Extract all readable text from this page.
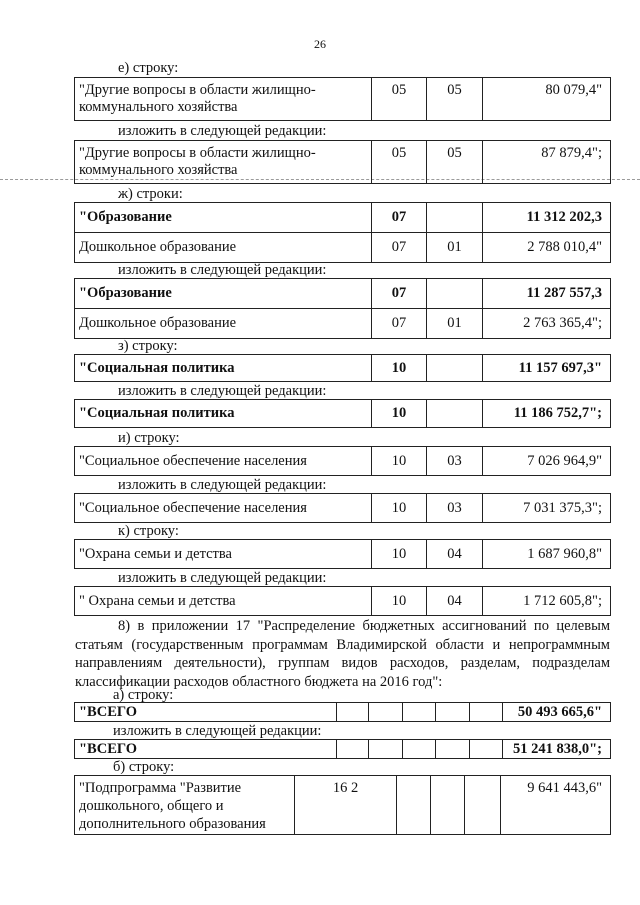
26
е) строку:
"Другие вопросы в области жилищно-коммунального хозяйства	05	05	80 079,4"
изложить в следующей редакции:
"Другие вопросы в области жилищно-коммунального хозяйства	05	05	87 879,4";
ж) строки:
"Образование	07		11 312 202,3
Дошкольное образование	07	01	2 788 010,4"
изложить в следующей редакции:
"Образование	07		11 287 557,3
Дошкольное образование	07	01	2 763 365,4";
з) строку:
"Социальная политика	10		11 157 697,3"
изложить в следующей редакции:
"Социальная политика	10		11 186 752,7";
и) строку:
"Социальное обеспечение населения	10	03	7 026 964,9"
изложить в следующей редакции:
"Социальное обеспечение населения	10	03	7 031 375,3";
к) строку:
"Охрана семьи и детства	10	04	1 687 960,8"
изложить в следующей редакции:
" Охрана семьи и детства	10	04	1 712 605,8";
8) в приложении 17 "Распределение бюджетных ассигнований по целевым статьям (государственным программам Владимирской области и непрограммным направлениям деятельности), группам видов расходов, разделам, подразделам классификации расходов областного бюджета на 2016 год":
а) строку:
"ВСЕГО						50 493 665,6"
изложить в следующей редакции:
"ВСЕГО						51 241 838,0";
б) строку:
"Подпрограмма "Развитие дошкольного, общего и дополнительного образования	16 2				9 641 443,6"
